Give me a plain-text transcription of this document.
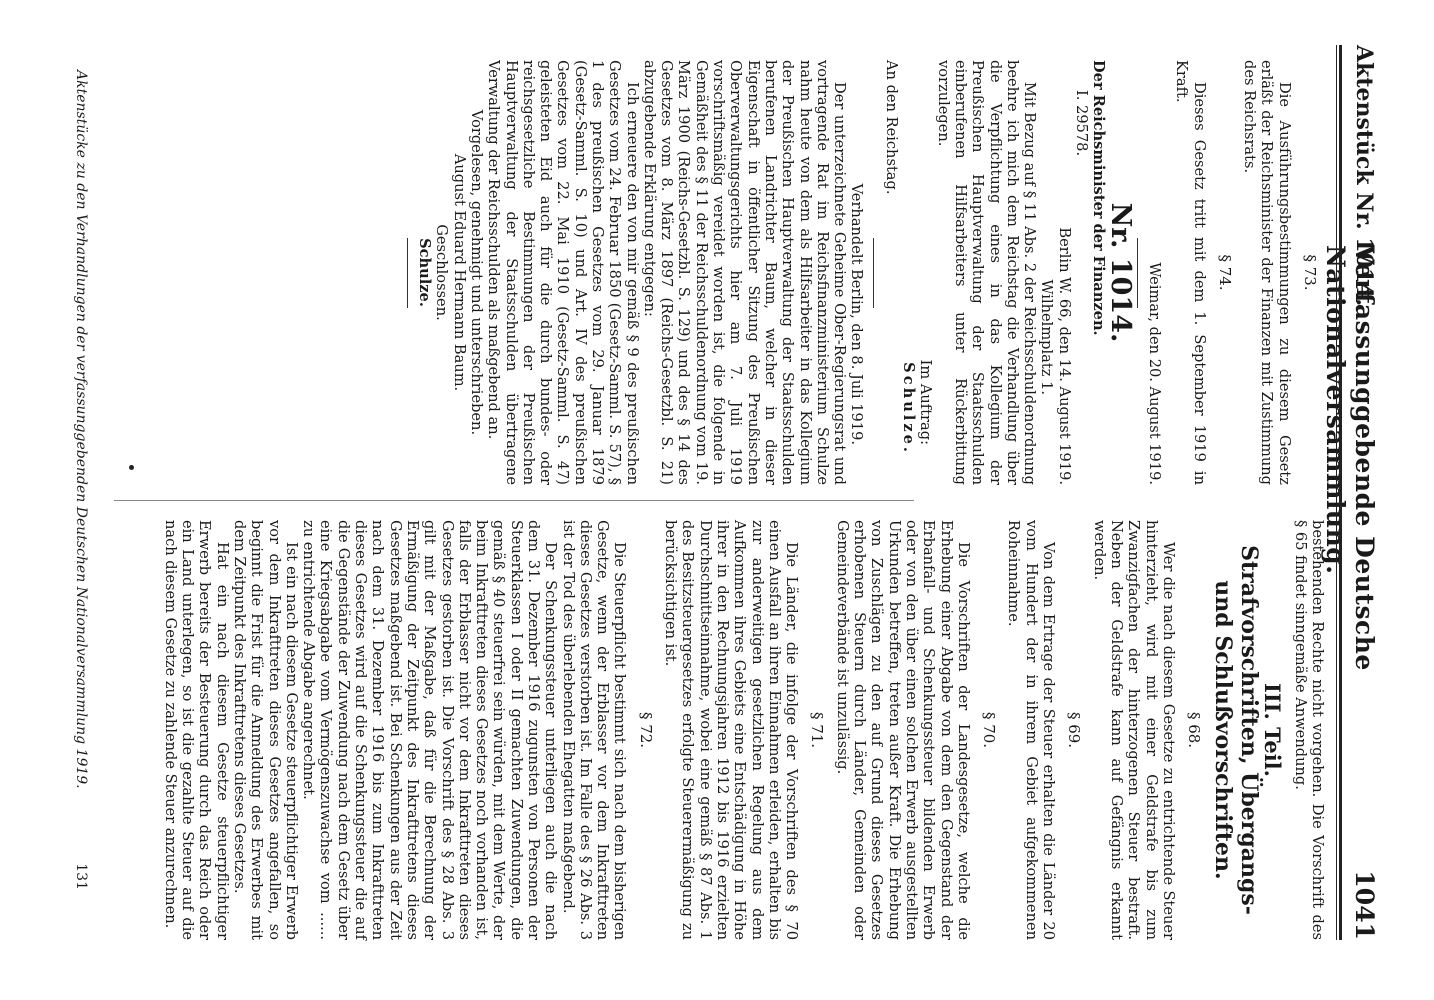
Aktenstück Nr. 1014.
Verfassunggebende Deutsche Nationalversammlung.
1041

bestehenden Rechte nicht vorgehen. Die Vorschrift des § 65 findet sinngemäße Anwendung.

III. Teil.

Strafvorschriften, Übergangs- und Schlußvorschriften.

§ 68.

Wer die nach diesem Gesetze zu entrichtende Steuer hinterzieht, wird mit einer Geldstrafe bis zum Zwanzigfachen der hinterzogenen Steuer bestraft. Neben der Geldstrafe kann auf Gefängnis erkannt werden.

§ 69.

Von dem Ertrage der Steuer erhalten die Länder 20 vom Hundert der in ihrem Gebiet aufgekommenen Roheinnahme.

§ 70.

Die Vorschriften der Landesgesetze, welche die Erhebung einer Abgabe von dem den Gegenstand der Erbanfall- und Schenkungssteuer bildenden Erwerb oder von den über einen solchen Erwerb ausgestellten Urkunden betreffen, treten außer Kraft. Die Erhebung von Zuschlägen zu den auf Grund dieses Gesetzes erhobenen Steuern durch Länder, Gemeinden oder Gemeindeverbände ist unzulässig.

§ 71.

Die Länder, die infolge der Vorschriften des § 70 einen Ausfall an ihren Einnahmen erleiden, erhalten bis zur anderweitigen gesetzlichen Regelung aus dem Aufkommen ihres Gebiets eine Entschädigung in Höhe ihrer in den Rechnungsjahren 1912 bis 1916 erzielten Durchschnittseinnahme, wobei eine gemäß § 87 Abs. 1 des Besitzsteuergesetzes erfolgte Steuerermäßigung zu berücksichtigen ist.

§ 72.

Die Steuerpflicht bestimmt sich nach dem bisherigen Gesetze, wenn der Erblasser vor dem Inkrafttreten dieses Gesetzes verstorben ist. Im Falle des § 26 Abs. 3 ist der Tod des überlebenden Ehegatten maßgebend.

Der Schenkungssteuer unterliegen auch die nach dem 31. Dezember 1916 zugunsten von Personen der Steuerklassen I oder II gemachten Zuwendungen, die gemäß § 40 steuerfrei sein würden, mit dem Werte, der beim Inkrafttreten dieses Gesetzes noch vorhanden ist, falls der Erblasser nicht vor dem Inkrafttreten dieses Gesetzes gestorben ist. Die Vorschrift des § 28 Abs. 3 gilt mit der Maßgabe, daß für die Berechnung der Ermäßigung der Zeitpunkt des Inkrafttretens dieses Gesetzes maßgebend ist. Bei Schenkungen aus der Zeit nach dem 31. Dezember 1916 bis zum Inkrafttreten dieses Gesetzes wird auf die Schenkungssteuer die auf die Gegenstände der Zuwendung nach dem Gesetz über eine Kriegsabgabe vom Vermögenszuwachse vom ...... zu entrichtende Abgabe angerechnet.

Ist ein nach diesem Gesetze steuerpflichtiger Erwerb vor dem Inkrafttreten dieses Gesetzes angefallen, so beginnt die Frist für die Anmeldung des Erwerbes mit dem Zeitpunkt des Inkrafttretens dieses Gesetzes.

Hat ein nach diesem Gesetze steuerpflichtiger Erwerb bereits der Besteuerung durch das Reich oder ein Land unterlegen, so ist die gezahlte Steuer auf die nach diesem Gesetze zu zahlende Steuer anzurechnen.

§ 73.

Die Ausführungsbestimmungen zu diesem Gesetz erläßt der Reichsminister der Finanzen mit Zustimmung des Reichsrats.

§ 74.

Dieses Gesetz tritt mit dem 1. September 1919 in Kraft.

Weimar, den 20. August 1919.

Nr. 1014.

Der Reichsminister der Finanzen.

I. 29578.

Berlin W. 66, den 14. August 1919.

Wilhelmplatz 1.

Mit Bezug auf § 11 Abs. 2 der Reichsschuldenordnung beehre ich mich dem Reichstag die Verhandlung über die Verpflichtung eines in das Kollegium der Preußischen Hauptverwaltung der Staatsschulden einberufenen Hilfsarbeiters unter Rückerbittung vorzulegen.

Im Auftrag:

Schulze.

An den Reichstag.

Verhandelt Berlin, den 8. Juli 1919.

Der unterzeichnete Geheime Ober-Regierungsrat und vortragende Rat im Reichsfinanzministerium Schulze nahm heute von dem als Hilfsarbeiter in das Kollegium der Preußischen Hauptverwaltung der Staatsschulden berufenen Landrichter Baum, welcher in dieser Eigenschaft in öffentlicher Sitzung des Preußischen Oberverwaltungsgerichts hier am 7. Juli 1919 vorschriftsmäßig vereidet worden ist, die folgende in Gemäßheit des § 11 der Reichsschuldenordnung vom 19. März 1900 (Reichs-Gesetzbl. S. 129) und des § 14 des Gesetzes vom 8. März 1897 (Reichs-Gesetzbl. S. 21) abzugebende Erklärung entgegen:

Ich erneuere den von mir gemäß § 9 des preußischen Gesetzes vom 24. Februar 1850 (Gesetz-Samml. S. 57), § 1 des preußischen Gesetzes vom 29. Januar 1879 (Gesetz-Samml. S. 10) und Art. IV des preußischen Gesetzes vom 22. Mai 1910 (Gesetz-Samml. S. 47) geleisteten Eid auch für die durch bundes- oder reichsgesetzliche Bestimmungen der Preußischen Hauptverwaltung der Staatsschulden übertragene Verwaltung der Reichsschulden als maßgebend an.

Vorgelesen, genehmigt und unterschrieben.

August Eduard Hermann Baum.

Geschlossen.

Schulze.

Aktenstücke zu den Verhandlungen der verfassunggebenden Deutschen Nationalversammlung 1919.
131
